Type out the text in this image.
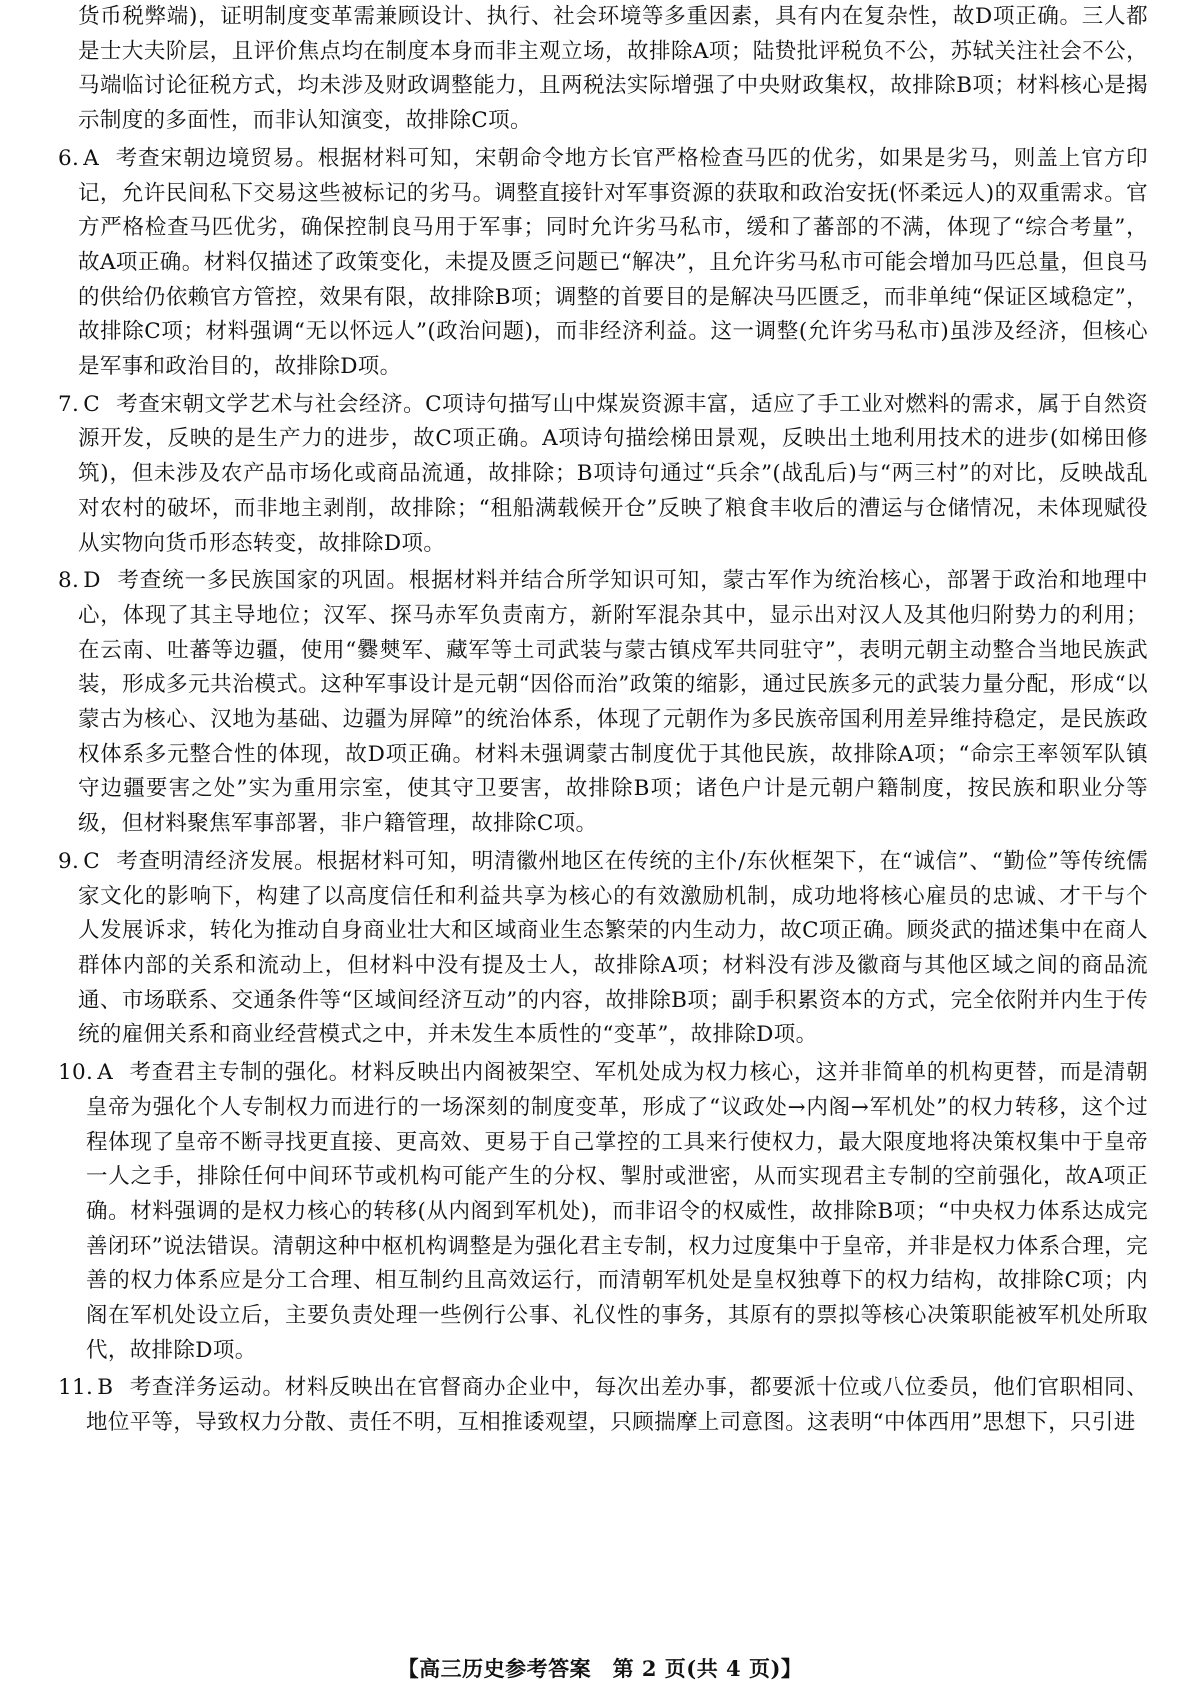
货币税弊端)，证明制度变革需兼顾设计、执行、社会环境等多重因素，具有内在复杂性，故D项正确。三人都是士大夫阶层，且评价焦点均在制度本身而非主观立场，故排除A项；陆贽批评税负不公，苏轼关注社会不公，马端临讨论征税方式，均未涉及财政调整能力，且两税法实际增强了中央财政集权，故排除B项；材料核心是揭示制度的多面性，而非认知演变，故排除C项。

6. A 考查宋朝边境贸易。根据材料可知，宋朝命令地方长官严格检查马匹的优劣，如果是劣马，则盖上官方印记，允许民间私下交易这些被标记的劣马。调整直接针对军事资源的获取和政治安抚(怀柔远人)的双重需求。官方严格检查马匹优劣，确保控制良马用于军事；同时允许劣马私市，缓和了蕃部的不满，体现了“综合考量”，故A项正确。材料仅描述了政策变化，未提及匮乏问题已“解决”，且允许劣马私市可能会增加马匹总量，但良马的供给仍依赖官方管控，效果有限，故排除B项；调整的首要目的是解决马匹匮乏，而非单纯“保证区域稳定”，故排除C项；材料强调“无以怀远人”(政治问题)，而非经济利益。这一调整(允许劣马私市)虽涉及经济，但核心是军事和政治目的，故排除D项。
7. C 考查宋朝文学艺术与社会经济。C项诗句描写山中煤炭资源丰富，适应了手工业对燃料的需求，属于自然资源开发，反映的是生产力的进步，故C项正确。A项诗句描绘梯田景观，反映出土地利用技术的进步(如梯田修筑)，但未涉及农产品市场化或商品流通，故排除；B项诗句通过“兵余”(战乱后)与“两三村”的对比，反映战乱对农村的破坏，而非地主剥削，故排除；“租船满载候开仓”反映了粮食丰收后的漕运与仓储情况，未体现赋役从实物向货币形态转变，故排除D项。
8. D 考查统一多民族国家的巩固。根据材料并结合所学知识可知，蒙古军作为统治核心，部署于政治和地理中心，体现了其主导地位；汉军、探马赤军负责南方，新附军混杂其中，显示出对汉人及其他归附势力的利用；在云南、吐蕃等边疆，使用“爨僰军、藏军等土司武装与蒙古镇戍军共同驻守”，表明元朝主动整合当地民族武装，形成多元共治模式。这种军事设计是元朝“因俗而治”政策的缩影，通过民族多元的武装力量分配，形成“以蒙古为核心、汉地为基础、边疆为屏障”的统治体系，体现了元朝作为多民族帝国利用差异维持稳定，是民族政权体系多元整合性的体现，故D项正确。材料未强调蒙古制度优于其他民族，故排除A项；“命宗王率领军队镇守边疆要害之处”实为重用宗室，使其守卫要害，故排除B项；诸色户计是元朝户籍制度，按民族和职业分等级，但材料聚焦军事部署，非户籍管理，故排除C项。
9. C 考查明清经济发展。根据材料可知，明清徽州地区在传统的主仆/东伙框架下，在“诚信”、“勤俭”等传统儒家文化的影响下，构建了以高度信任和利益共享为核心的有效激励机制，成功地将核心雇员的忠诚、才干与个人发展诉求，转化为推动自身商业壮大和区域商业生态繁荣的内生动力，故C项正确。顾炎武的描述集中在商人群体内部的关系和流动上，但材料中没有提及士人，故排除A项；材料没有涉及徽商与其他区域之间的商品流通、市场联系、交通条件等“区域间经济互动”的内容，故排除B项；副手积累资本的方式，完全依附并内生于传统的雇佣关系和商业经营模式之中，并未发生本质性的“变革”，故排除D项。
10. A 考查君主专制的强化。材料反映出内阁被架空、军机处成为权力核心，这并非简单的机构更替，而是清朝皇帝为强化个人专制权力而进行的一场深刻的制度变革，形成了“议政处→内阁→军机处”的权力转移，这个过程体现了皇帝不断寻找更直接、更高效、更易于自己掌控的工具来行使权力，最大限度地将决策权集中于皇帝一人之手，排除任何中间环节或机构可能产生的分权、掣肘或泄密，从而实现君主专制的空前强化，故A项正确。材料强调的是权力核心的转移(从内阁到军机处)，而非诏令的权威性，故排除B项；“中央权力体系达成完善闭环”说法错误。清朝这种中枢机构调整是为强化君主专制，权力过度集中于皇帝，并非是权力体系合理，完善的权力体系应是分工合理、相互制约且高效运行，而清朝军机处是皇权独尊下的权力结构，故排除C项；内阁在军机处设立后，主要负责处理一些例行公事、礼仪性的事务，其原有的票拟等核心决策职能被军机处所取代，故排除D项。
11. B 考查洋务运动。材料反映出在官督商办企业中，每次出差办事，都要派十位或八位委员，他们官职相同、地位平等，导致权力分散、责任不明，互相推诿观望，只顾揣摩上司意图。这表明“中体西用”思想下，只引进
【高三历史参考答案　第 2 页(共 4 页)】
